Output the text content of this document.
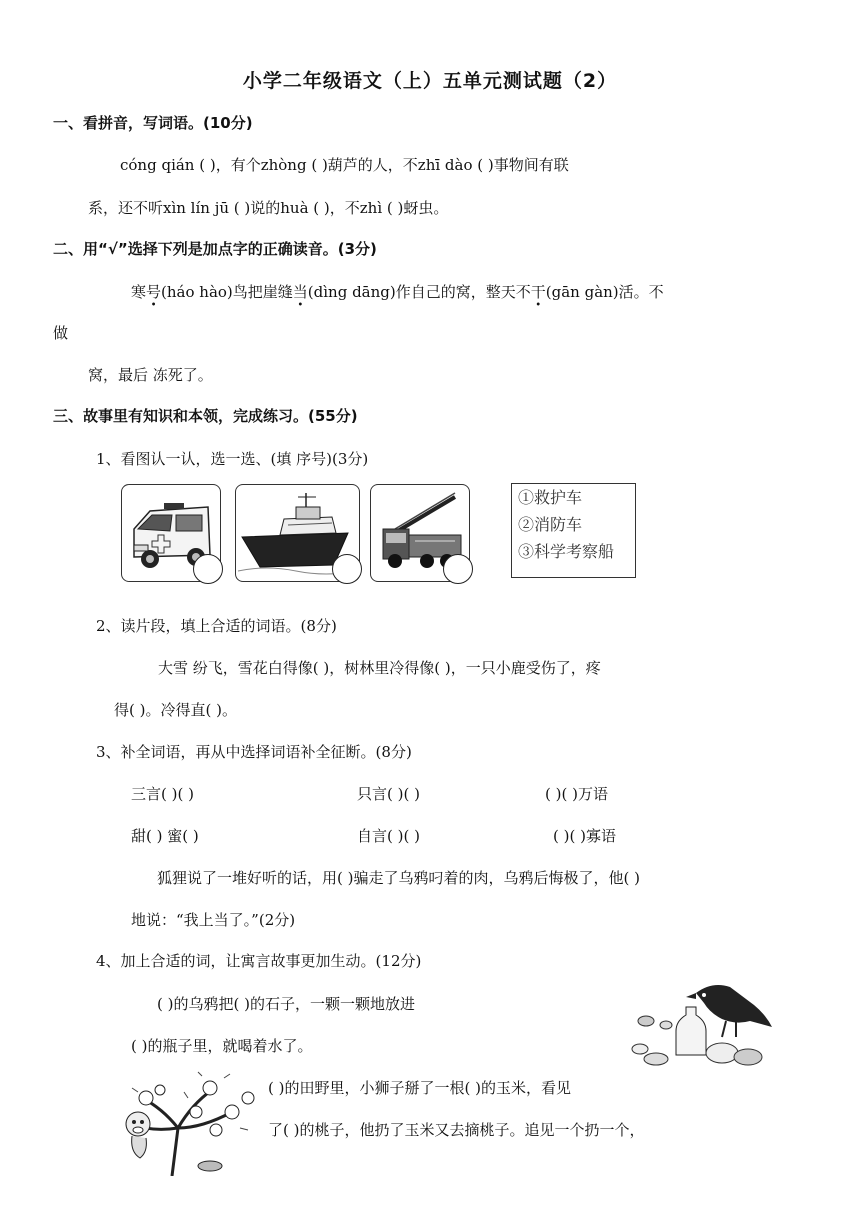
小学二年级语文（上）五单元测试题（2）
一、看拼音，写词语。(10分)
cóng qián ( )，有个zhòng ( )葫芦的人，不zhī dào ( )事物间有联
系，还不听xìn lín jū ( )说的huà ( )，不zhì ( )蚜虫。
二、用“√”选择下列是加点字的正确读音。(3分)
寒号(háo hào)鸟把崖缝当(dìng dāng)作自己的窝，整天不干(gān gàn)活。不
做
窝，最后 冻死了。
三、故事里有知识和本领，完成练习。(55分)
1、看图认一认，选一选、(填 序号)(3分)
①救护车
②消防车
③科学考察船
2、读片段，填上合适的词语。(8分)
大雪 纷飞，雪花白得像( )，树林里冷得像( )，一只小鹿受伤了，疼
得( )。冷得直( )。
3、补全词语，再从中选择词语补全征断。(8分)
三言( )( )	只言( )( )	( )( )万语
甜( ) 蜜( )	自言( )( )	( )( )寡语
狐狸说了一堆好听的话，用( )骗走了乌鸦叼着的肉，乌鸦后悔极了，他( )
地说：“我上当了。”(2分)
4、加上合适的词，让寓言故事更加生动。(12分)
( )的乌鸦把( )的石子，一颗一颗地放进
( )的瓶子里，就喝着水了。
( )的田野里，小狮子掰了一根( )的玉米，看见
了( )的桃子，他扔了玉米又去摘桃子。追见一个扔一个，
